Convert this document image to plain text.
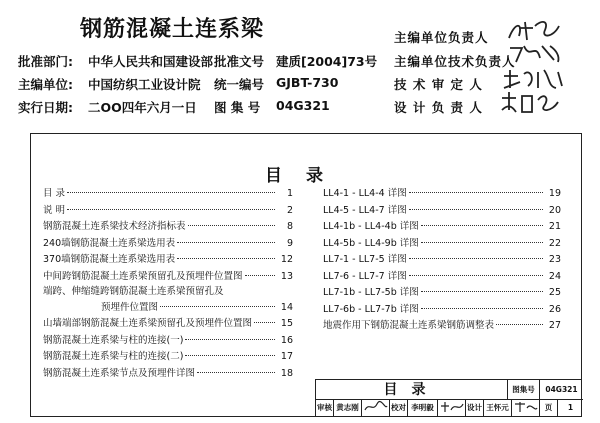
钢筋混凝土连系梁
批准部门: 中华人民共和国建设部 批准文号 建质[2004]73号
主编单位: 中国纺织工业设计院 统一编号 GJBT-730
实行日期: 二OO四年六月一日 图 集 号 04G321
主编单位负责人
主编单位技术负责人
技 术 审 定 人
设 计 负 责 人
目录
目 录	1
说 明	2
钢筋混凝土连系梁技术经济指标表	8
240墙钢筋混凝土连系梁选用表	9
370墙钢筋混凝土连系梁选用表	12
中间跨钢筋混凝土连系梁预留孔及预埋件位置图	13
端跨、伸缩缝跨钢筋混凝土连系梁预留孔及
预埋件位置图	14
山墙端部钢筋混凝土连系梁预留孔及预埋件位置图	15
钢筋混凝土连系梁与柱的连接(一)	16
钢筋混凝土连系梁与柱的连接(二)	17
钢筋混凝土连系梁节点及预埋件详图	18
LL4-1 - LL4-4 详图	19
LL4-5 - LL4-7 详图	20
LL4-1b - LL4-4b 详图	21
LL4-5b - LL4-9b 详图	22
LL7-1 - LL7-5 详图	23
LL7-6 - LL7-7 详图	24
LL7-1b - LL7-5b 详图	25
LL7-6b - LL7-7b 详图	26
地震作用下钢筋混凝土连系梁钢筋调整表	27
目录	图集号	04G321
审核 黄志刚	校对 李明毅	设计 王怀元	页	1
